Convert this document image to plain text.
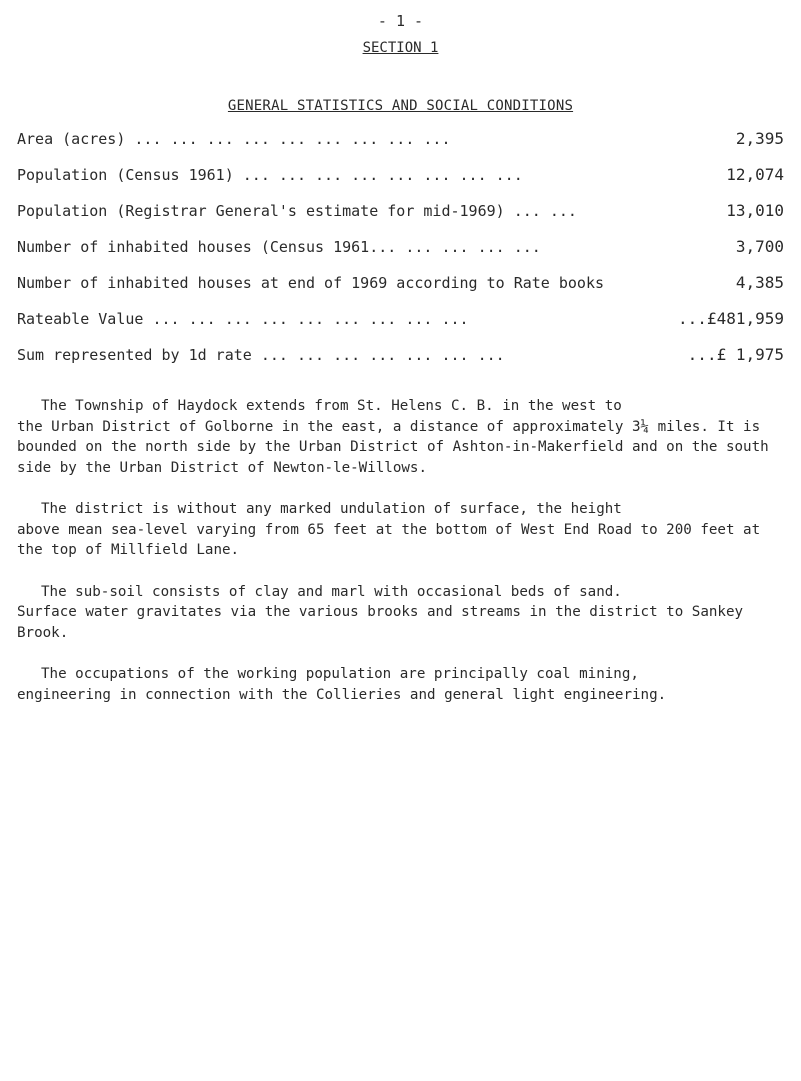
- 1 -
SECTION 1
GENERAL STATISTICS AND SOCIAL CONDITIONS
Area (acres) ... ... ... ... ... ... ... ... ...	2,395
Population (Census 1961) ... ... ... ... ... ... ... ...	12,074
Population (Registrar General's estimate for mid-1969) ... ...	13,010
Number of inhabited houses (Census 1961... ... ... ... ...	3,700
Number of inhabited houses at end of 1969 according to Rate books	4,385
Rateable Value ... ... ... ... ... ... ... ... ...	...£481,959
Sum represented by 1d rate ... ... ... ... ... ... ...	...£ 1,975

The Township of Haydock extends from St. Helens C. B. in the west to
the Urban District of Golborne in the east, a distance of approximately 3¼ miles. It is bounded on the north side by the Urban District of Ashton-in-Makerfield and on the south side by the Urban District of Newton-le-Willows.

The district is without any marked undulation of surface, the height
above mean sea-level varying from 65 feet at the bottom of West End Road to 200 feet at the top of Millfield Lane.

The sub-soil consists of clay and marl with occasional beds of sand.
Surface water gravitates via the various brooks and streams in the district to Sankey Brook.

The occupations of the working population are principally coal mining,
engineering in connection with the Collieries and general light engineering.
